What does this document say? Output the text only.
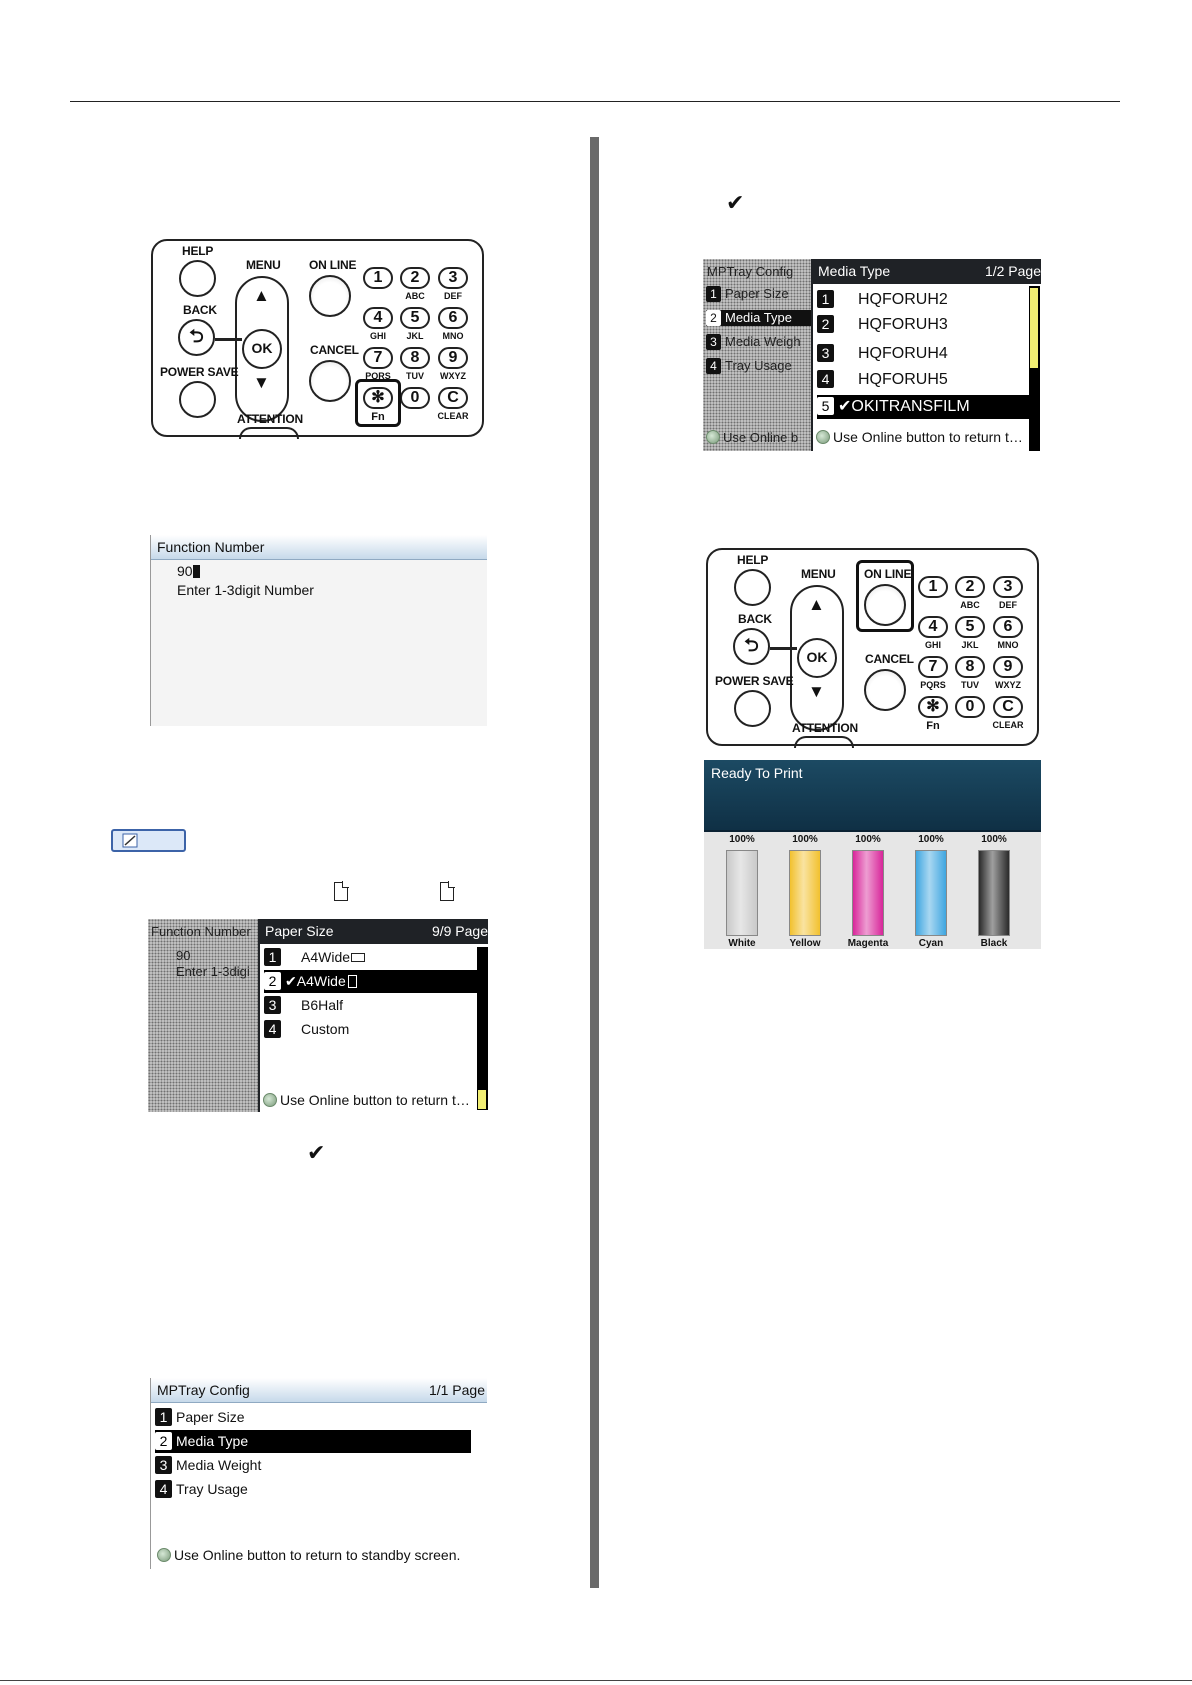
✔
✔
HELP
MENU
▲
OK
▼
BACK
⮌
POWER SAVE
ON LINE
CANCEL
ATTENTION
1	2	3
ABC	DEF
4	5	6
GHI	JKL	MNO
7	8	9
PQRS	TUV	WXYZ
✻	0	C
Fn	CLEAR
Function Number
90
Enter 1-3digit Number
Function Number
90
Enter 1-3digi
Paper Size	9/9 Page
1 A4Wide
2 ✔A4Wide
3 B6Half
4 Custom
Use Online button to return t…
MPTray Config	1/1 Page
1 Paper Size
2 Media Type
3 Media Weight
4 Tray Usage
Use Online button to return to standby screen.
MPTray Config
1 Paper Size
2 Media Type
3 Media Weigh
4 Tray Usage
Use Online b
Media Type	1/2 Page
1 HQFORUH2
2 HQFORUH3
3 HQFORUH4
4 HQFORUH5
5 ✔OKITRANSFILM
Use Online button to return t…
HELP
MENU
▲
OK
▼
BACK
⮌
POWER SAVE
ON LINE
CANCEL
ATTENTION
1	2	3
ABC	DEF
4	5	6
GHI	JKL	MNO
7	8	9
PQRS	TUV	WXYZ
✻	0	C
Fn	CLEAR
Ready To Print
100%
White
100%
Yellow
100%
Magenta
100%
Cyan
100%
Black
